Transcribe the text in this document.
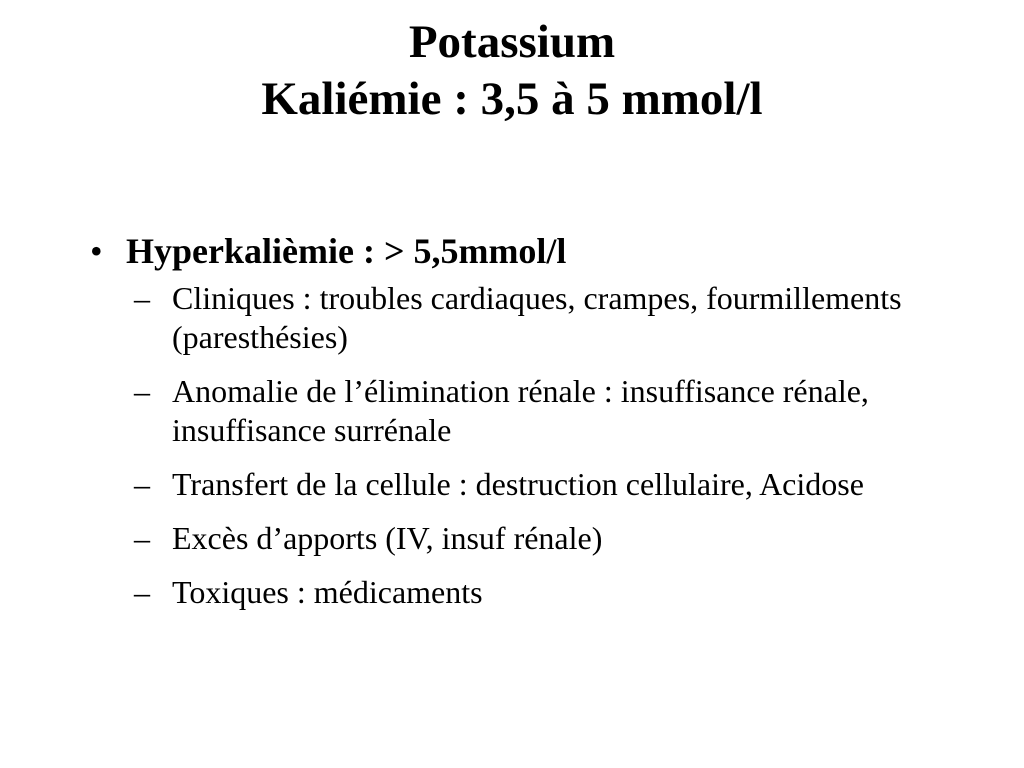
Potassium
Kaliémie : 3,5 à 5 mmol/l
• Hyperkalièmie : > 5,5mmol/l
– Cliniques : troubles cardiaques, crampes, fourmillements (paresthésies)
– Anomalie de l’élimination rénale : insuffisance rénale, insuffisance surrénale
– Transfert de la cellule : destruction cellulaire, Acidose
– Excès d’apports (IV, insuf rénale)
– Toxiques : médicaments
